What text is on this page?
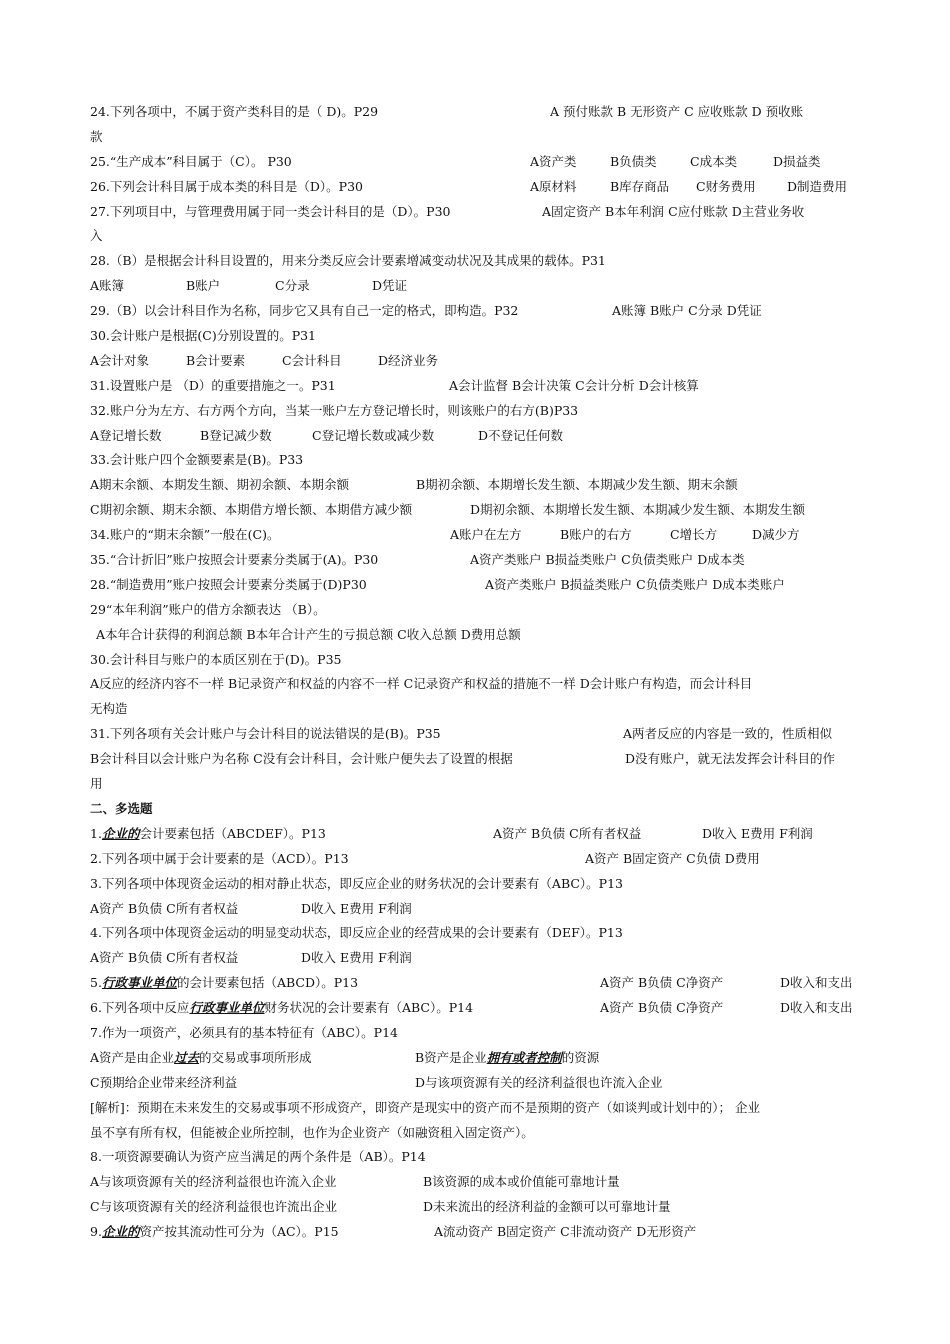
24.下列各项中，不属于资产类科目的是（ D)。P29	A 预付账款 B 无形资产 C 应收账款 D 预收账
款
25.“生产成本”科目属于（C）。 P30	A资产类	B负债类	C成本类	D损益类
26.下列会计科目属于成本类的科目是（D）。P30	A原材料	B库存商品 C财务费用	D制造费用
27.下列项目中，与管理费用属于同一类会计科目的是（D）。P30	A固定资产 B本年利润 C应付账款 D主营业务收
入
28.（B）是根据会计科目设置的，用来分类反应会计要素增减变动状况及其成果的载体。P31
A账簿	B账户	C分录	D凭证
29.（B）以会计科目作为名称，同步它又具有自己一定的格式，即构造。P32	A账簿 B账户 C分录 D凭证
30.会计账户是根据(C)分别设置的。P31
A会计对象	B会计要素	C会计科目	D经济业务
31.设置账户是 （D）的重要措施之一。P31	A会计监督 B会计决策 C会计分析 D会计核算
32.账户分为左方、右方两个方向，当某一账户左方登记增长时，则该账户的右方(B)P33
A登记增长数	B登记减少数	C登记增长数或减少数	D不登记任何数
33.会计账户四个金额要素是(B)。P33
A期末余额、本期发生额、期初余额、本期余额	B期初余额、本期增长发生额、本期减少发生额、期末余额
C期初余额、期末余额、本期借方增长额、本期借方减少额	D期初余额、本期增长发生额、本期减少发生额、本期发生额
34.账户的“期末余额”一般在(C)。	A账户在左方	B账户的右方	C增长方	D减少方
35.“合计折旧”账户按照会计要素分类属于(A)。P30	A资产类账户 B损益类账户 C负债类账户 D成本类
28.“制造费用”账户按照会计要素分类属于(D)P30	A资产类账户 B损益类账户 C负债类账户 D成本类账户
29“本年利润”账户的借方余额表达 （B）。
A本年合计获得的利润总额 B本年合计产生的亏损总额 C收入总额 D费用总额
30.会计科目与账户的本质区别在于(D)。P35
A反应的经济内容不一样 B记录资产和权益的内容不一样 C记录资产和权益的措施不一样 D会计账户有构造，而会计科目
无构造
31.下列各项有关会计账户与会计科目的说法错误的是(B)。P35	A两者反应的内容是一致的，性质相似
B会计科目以会计账户为名称 C没有会计科目，会计账户便失去了设置的根据	D没有账户，就无法发挥会计科目的作
用
二、多选题
1.企业的会计要素包括（ABCDEF）。P13	A资产 B负债 C所有者权益	D收入 E费用 F利润
2.下列各项中属于会计要素的是（ACD）。P13	A资产 B固定资产 C负债 D费用
3.下列各项中体现资金运动的相对静止状态，即反应企业的财务状况的会计要素有（ABC）。P13
A资产 B负债 C所有者权益	D收入 E费用 F利润
4.下列各项中体现资金运动的明显变动状态，即反应企业的经营成果的会计要素有（DEF）。P13
A资产 B负债 C所有者权益	D收入 E费用 F利润
5.行政事业单位的会计要素包括（ABCD）。P13	A资产 B负债 C净资产	D收入和支出
6.下列各项中反应行政事业单位财务状况的会计要素有（ABC）。P14	A资产 B负债 C净资产	D收入和支出
7.作为一项资产，必须具有的基本特征有（ABC）。P14
A资产是由企业过去的交易或事项所形成	B资产是企业拥有或者控制的资源
C预期给企业带来经济利益	D与该项资源有关的经济利益很也许流入企业
[解析]：预期在未来发生的交易或事项不形成资产，即资产是现实中的资产而不是预期的资产（如谈判或计划中的）； 企业
虽不享有所有权，但能被企业所控制，也作为企业资产（如融资租入固定资产）。
8.一项资源要确认为资产应当满足的两个条件是（AB）。P14
A与该项资源有关的经济利益很也许流入企业	B该资源的成本或价值能可靠地计量
C与该项资源有关的经济利益很也许流出企业	D未来流出的经济利益的金额可以可靠地计量
9.企业的资产按其流动性可分为（AC）。P15	A流动资产 B固定资产 C非流动资产 D无形资产
